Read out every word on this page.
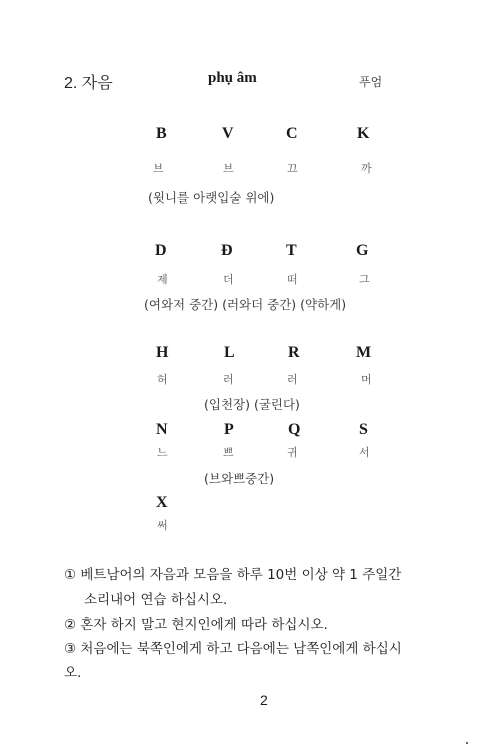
2. 자음	phụ âm	푸엄
B	V	C	K
브	브	끄	까
(윗니를 아랫입술 위에)
D	Đ	T	G
제	더	떠	그
(여와저 중간) (러와더 중간) (약하게)
H	L	R	M
허	러	러	머
(입천장) (굴린다)
N	P	Q	S
느	쁘	귀	서
(브와쁘중간)
X
써
① 베트남어의 자음과 모음을 하루 10번 이상 약 1 주일간
소리내어 연습 하십시오.
② 혼자 하지 말고 현지인에게 따라 하십시오.
③ 처음에는 북쪽인에게 하고 다음에는 남쪽인에게 하십시
오.
2
